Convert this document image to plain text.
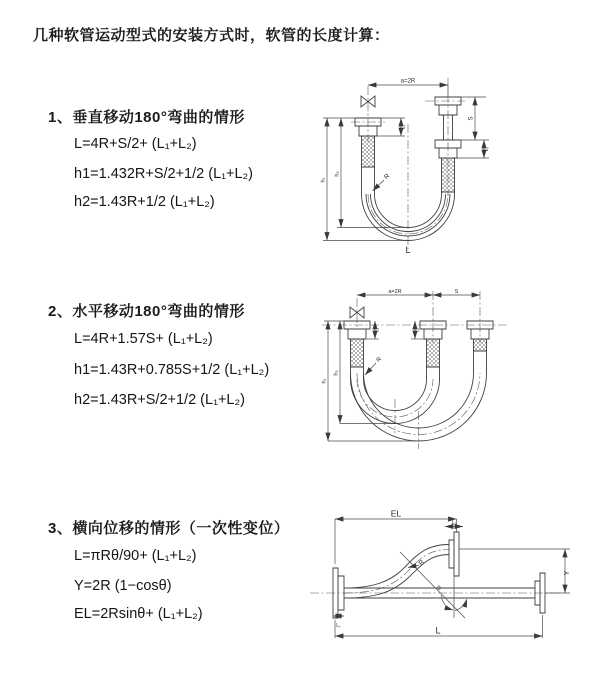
几种软管运动型式的安装方式时，软管的长度计算：
1、垂直移动180°弯曲的情形
L=4R+S/2+ (L₁+L₂)
h1=1.432R+S/2+1/2 (L₁+L₂)
h2=1.43R+1/2 (L₁+L₂)
a=2R
S
L₁
L₁
h₁
h₂	R
L
2、水平移动180°弯曲的情形
L=4R+1.57S+ (L₁+L₂)
h1=1.43R+0.785S+1/2 (L₁+L₂)
h2=1.43R+S/2+1/2 (L₁+L₂)
a=2R	S
L₁	L₁
h₁
h₂
R
3、横向位移的情形（一次性变位）
L=πRθ/90+ (L₁+L₂)
Y=2R (1−cosθ)
EL=2Rsinθ+ (L₁+L₂)
EL
L₂
Y
L
L₁
R
θ
